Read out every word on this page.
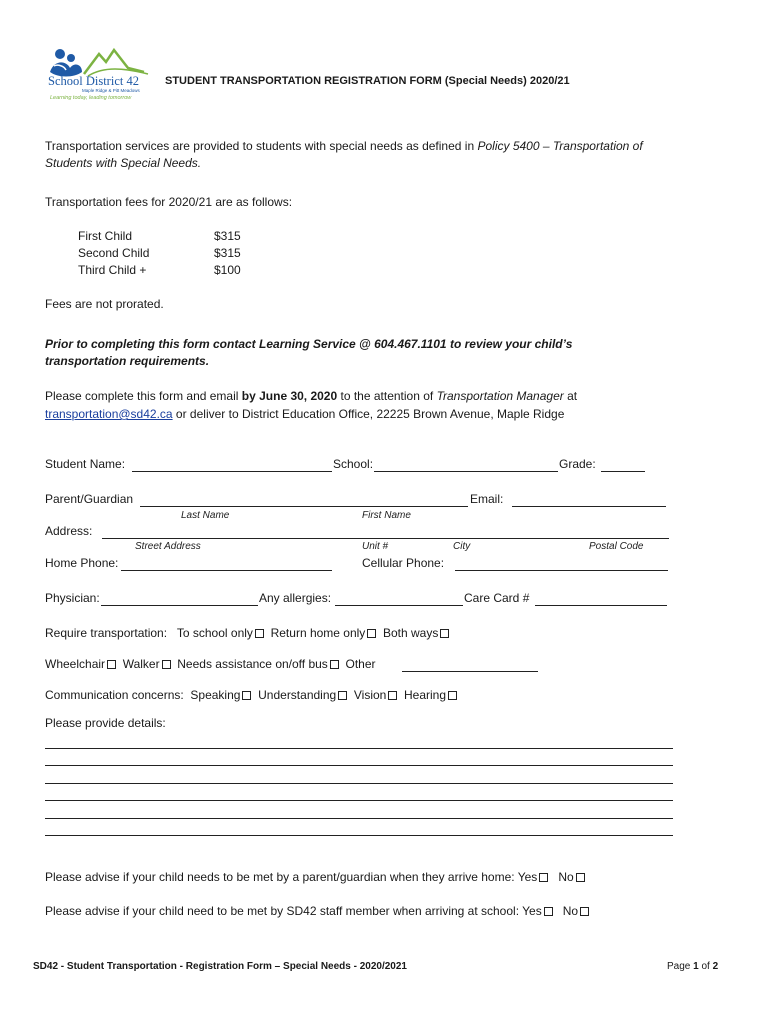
School District 42
Maple Ridge & Pitt Meadows
Learning today, leading tomorrow
STUDENT TRANSPORTATION REGISTRATION FORM (Special Needs) 2020/21
Transportation services are provided to students with special needs as defined in Policy 5400 – Transportation of
Students with Special Needs.
Transportation fees for 2020/21 are as follows:
First Child	$315
Second Child	$315
Third Child +	$100
Fees are not prorated.
Prior to completing this form contact Learning Service @ 604.467.1101 to review your child’s
transportation requirements.
Please complete this form and email by June 30, 2020 to the attention of Transportation Manager at
transportation@sd42.ca or deliver to District Education Office, 22225 Brown Avenue, Maple Ridge
Student Name:	School:	Grade:
Parent/Guardian	Email:
Last Name	First Name
Address:
Street Address	Unit #	City	Postal Code
Home Phone:	Cellular Phone:
Physician:	Any allergies:	Care Card #
Require transportation: To school only Return home only Both ways
Wheelchair Walker Needs assistance on/off bus Other
Communication concerns: Speaking Understanding Vision Hearing
Please provide details:
Please advise if your child needs to be met by a parent/guardian when they arrive home: Yes No
Please advise if your child need to be met by SD42 staff member when arriving at school: Yes No
SD42 - Student Transportation - Registration Form – Special Needs - 2020/2021	Page 1 of 2
